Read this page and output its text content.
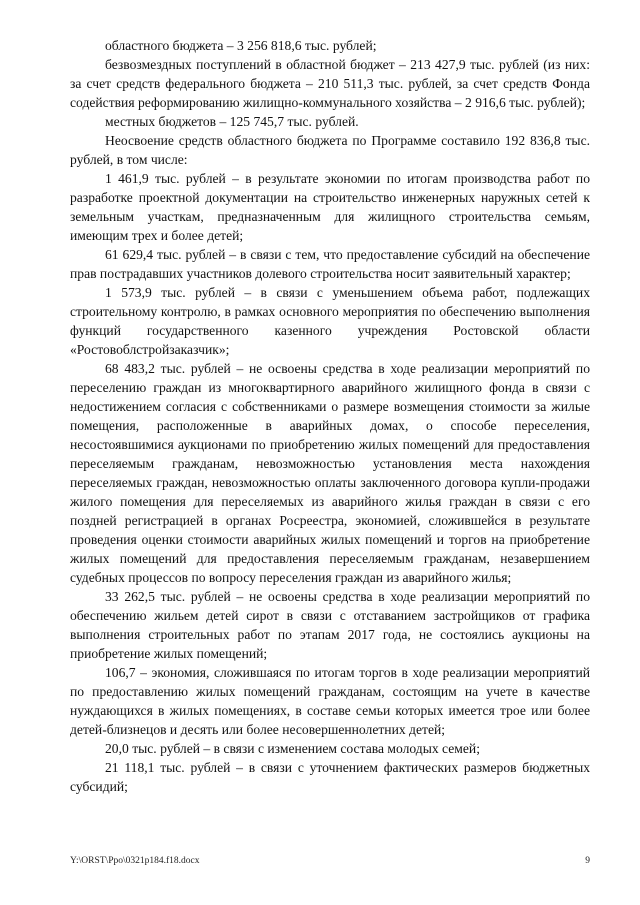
областного бюджета – 3 256 818,6 тыс. рублей;

безвозмездных поступлений в областной бюджет – 213 427,9 тыс. рублей (из них: за счет средств федерального бюджета – 210 511,3 тыс. рублей, за счет средств Фонда содействия реформированию жилищно-коммунального хозяйства – 2 916,6 тыс. рублей);

местных бюджетов – 125 745,7 тыс. рублей.

Неосвоение средств областного бюджета по Программе составило 192 836,8 тыс. рублей, в том числе:

1 461,9 тыс. рублей – в результате экономии по итогам производства работ по разработке проектной документации на строительство инженерных наружных сетей к земельным участкам, предназначенным для жилищного строительства семьям, имеющим трех и более детей;

61 629,4 тыс. рублей – в связи с тем, что предоставление субсидий на обеспечение прав пострадавших участников долевого строительства носит заявительный характер;

1 573,9 тыс. рублей – в связи с уменьшением объема работ, подлежащих строительному контролю, в рамках основного мероприятия по обеспечению выполнения функций государственного казенного учреждения Ростовской области «Ростовоблстройзаказчик»;

68 483,2 тыс. рублей – не освоены средства в ходе реализации мероприятий по переселению граждан из многоквартирного аварийного жилищного фонда в связи с недостижением согласия с собственниками о размере возмещения стоимости за жилые помещения, расположенные в аварийных домах, о способе переселения, несостоявшимися аукционами по приобретению жилых помещений для предоставления переселяемым гражданам, невозможностью установления места нахождения переселяемых граждан, невозможностью оплаты заключенного договора купли-продажи жилого помещения для переселяемых из аварийного жилья граждан в связи с его поздней регистрацией в органах Росреестра, экономией, сложившейся в результате проведения оценки стоимости аварийных жилых помещений и торгов на приобретение жилых помещений для предоставления переселяемым гражданам, незавершением судебных процессов по вопросу переселения граждан из аварийного жилья;

33 262,5 тыс. рублей – не освоены средства в ходе реализации мероприятий по обеспечению жильем детей сирот в связи с отставанием застройщиков от графика выполнения строительных работ по этапам 2017 года, не состоялись аукционы на приобретение жилых помещений;

106,7 – экономия, сложившаяся по итогам торгов в ходе реализации мероприятий по предоставлению жилых помещений гражданам, состоящим на учете в качестве нуждающихся в жилых помещениях, в составе семьи которых имеется трое или более детей-близнецов и десять или более несовершеннолетних детей;

20,0 тыс. рублей – в связи с изменением состава молодых семей;

21 118,1 тыс. рублей – в связи с уточнением фактических размеров бюджетных субсидий;

Y:\ORST\Ppo\0321p184.f18.docx	9
